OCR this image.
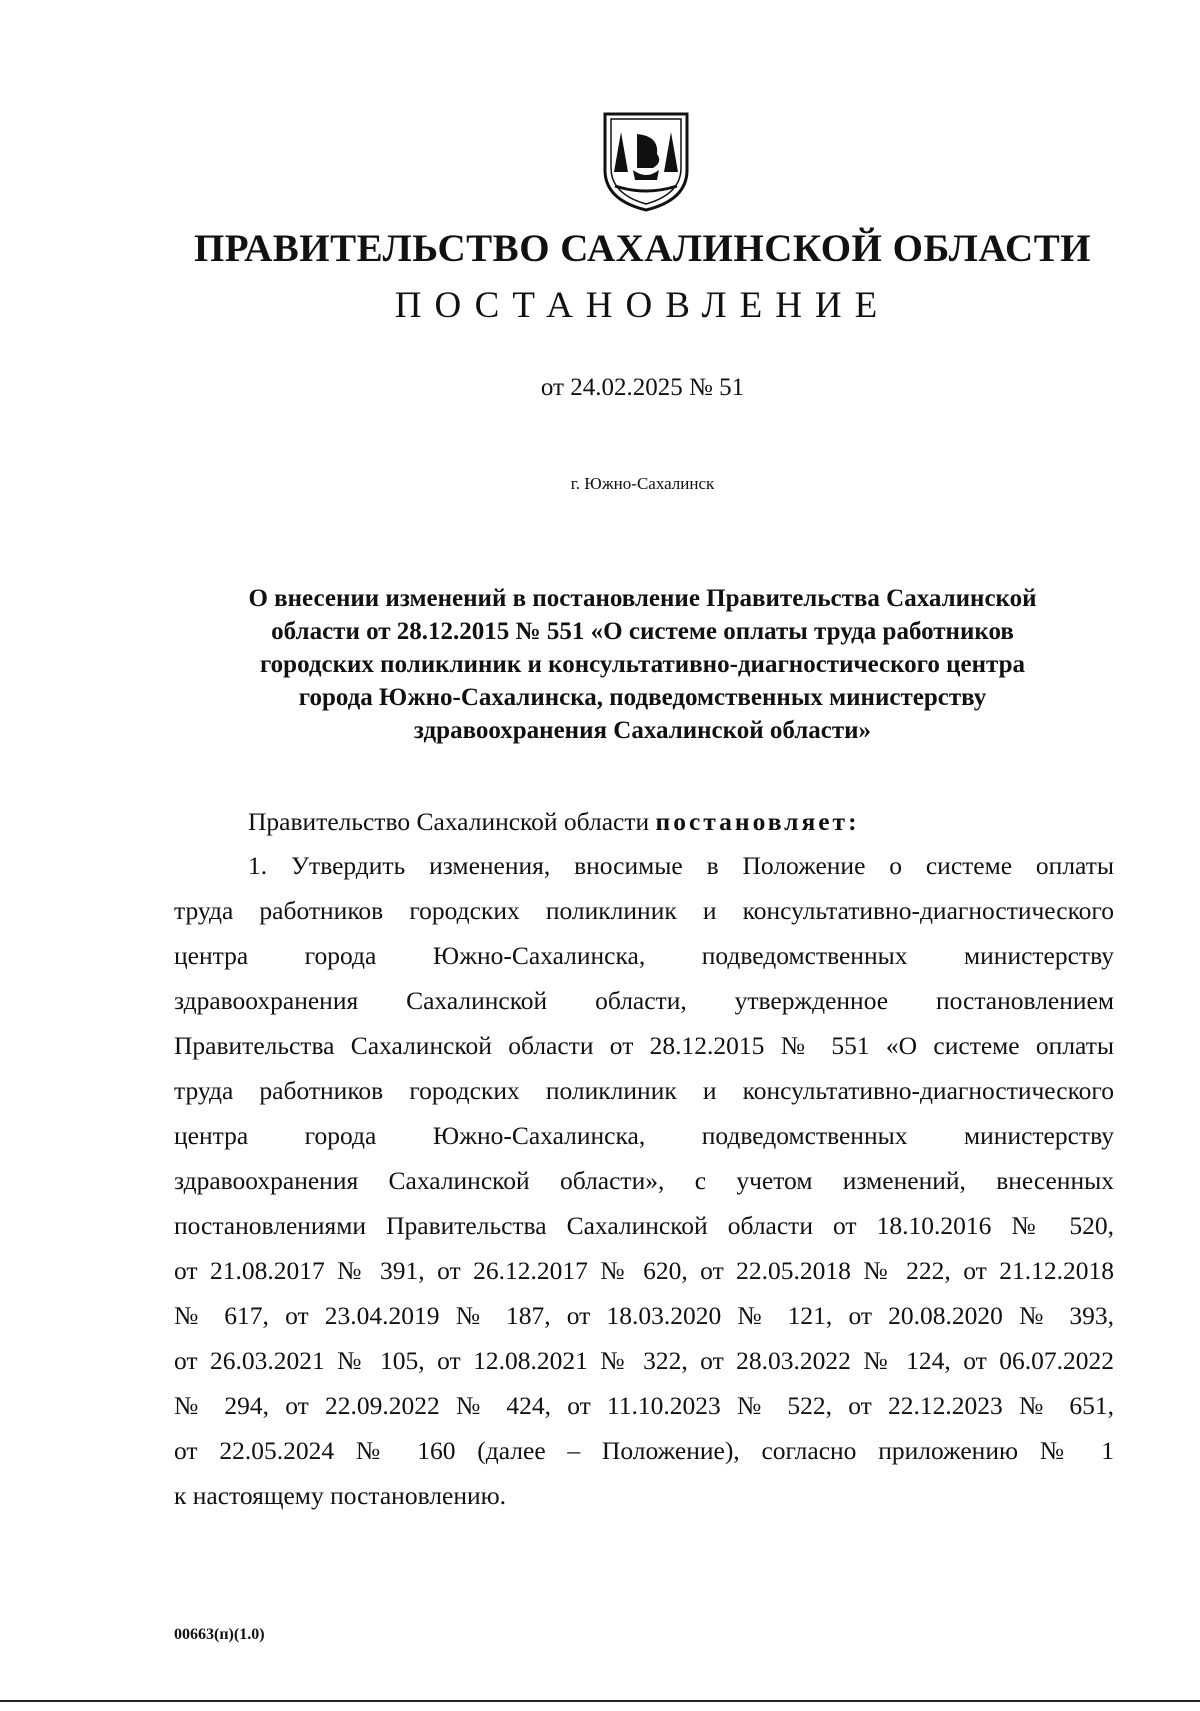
ПРАВИТЕЛЬСТВО САХАЛИНСКОЙ ОБЛАСТИ
ПОСТАНОВЛЕНИЕ
от 24.02.2025 № 51
г. Южно-Сахалинск
О внесении изменений в постановление Правительства Сахалинской
области от 28.12.2015 № 551 «О системе оплаты труда работников
городских поликлиник и консультативно-диагностического центра
города Южно-Сахалинска, подведомственных министерству
здравоохранения Сахалинской области»
Правительство Сахалинской области постановляет:
1. Утвердить изменения, вносимые в Положение о системе оплаты
труда работников городских поликлиник и консультативно-диагностического
центра города Южно-Сахалинска, подведомственных министерству
здравоохранения Сахалинской области, утвержденное постановлением
Правительства Сахалинской области от 28.12.2015 № 551 «О системе оплаты
труда работников городских поликлиник и консультативно-диагностического
центра города Южно-Сахалинска, подведомственных министерству
здравоохранения Сахалинской области», с учетом изменений, внесенных
постановлениями Правительства Сахалинской области от 18.10.2016 № 520,
от 21.08.2017 № 391, от 26.12.2017 № 620, от 22.05.2018 № 222, от 21.12.2018
№ 617, от 23.04.2019 № 187, от 18.03.2020 № 121, от 20.08.2020 № 393,
от 26.03.2021 № 105, от 12.08.2021 № 322, от 28.03.2022 № 124, от 06.07.2022
№ 294, от 22.09.2022 № 424, от 11.10.2023 № 522, от 22.12.2023 № 651,
от 22.05.2024 № 160 (далее – Положение), согласно приложению № 1
к настоящему постановлению.
00663(п)(1.0)
